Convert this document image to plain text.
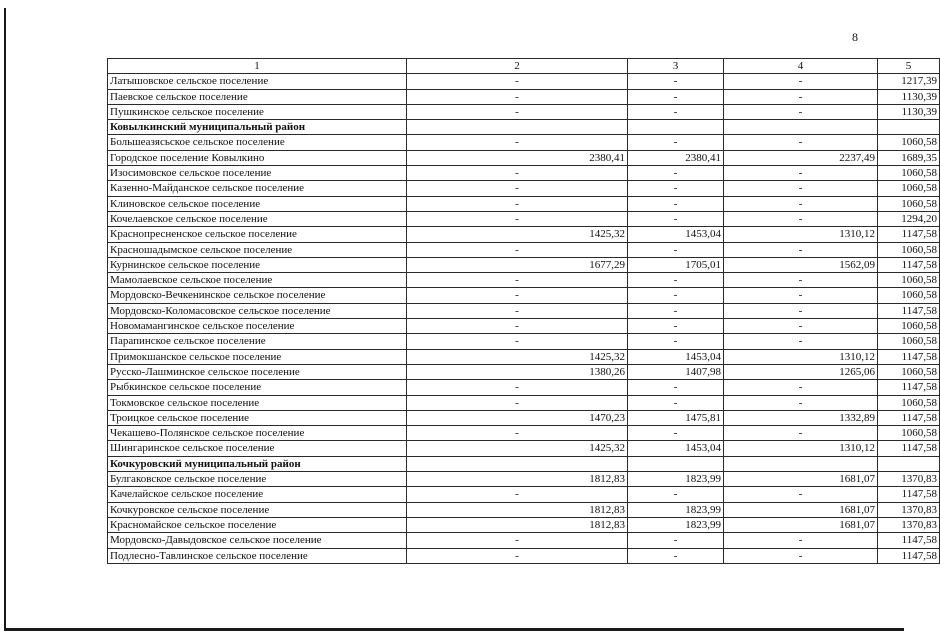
8
1	2	3	4	5
Латышовское сельское поселение	-	-	-	1217,39
Паевское сельское поселение	-	-	-	1130,39
Пушкинское сельское поселение	-	-	-	1130,39
Ковылкинский муниципальный район				
Большеазясьское сельское поселение	-	-	-	1060,58
Городское поселение Ковылкино	2380,41	2380,41	2237,49	1689,35
Изосимовское сельское поселение	-	-	-	1060,58
Казенно-Майданское сельское поселение	-	-	-	1060,58
Клиновское сельское поселение	-	-	-	1060,58
Кочелаевское сельское поселение	-	-	-	1294,20
Краснопресненское сельское поселение	1425,32	1453,04	1310,12	1147,58
Красношадымское сельское поселение	-	-	-	1060,58
Курнинское сельское поселение	1677,29	1705,01	1562,09	1147,58
Мамолаевское сельское поселение	-	-	-	1060,58
Мордовско-Вечкенинское сельское поселение	-	-	-	1060,58
Мордовско-Коломасовское сельское поселение	-	-	-	1147,58
Новомамангинское сельское поселение	-	-	-	1060,58
Парапинское сельское поселение	-	-	-	1060,58
Примокшанское сельское поселение	1425,32	1453,04	1310,12	1147,58
Русско-Лашминское сельское поселение	1380,26	1407,98	1265,06	1060,58
Рыбкинское сельское поселение	-	-	-	1147,58
Токмовское сельское поселение	-	-	-	1060,58
Троицкое сельское поселение	1470,23	1475,81	1332,89	1147,58
Чекашево-Полянское сельское поселение	-	-	-	1060,58
Шингаринское сельское поселение	1425,32	1453,04	1310,12	1147,58
Кочкуровский муниципальный район				
Булгаковское сельское поселение	1812,83	1823,99	1681,07	1370,83
Качелайское сельское поселение	-	-	-	1147,58
Кочкуровское сельское поселение	1812,83	1823,99	1681,07	1370,83
Красномайское сельское поселение	1812,83	1823,99	1681,07	1370,83
Мордовско-Давыдовское сельское поселение	-	-	-	1147,58
Подлесно-Тавлинское сельское поселение	-	-	-	1147,58
